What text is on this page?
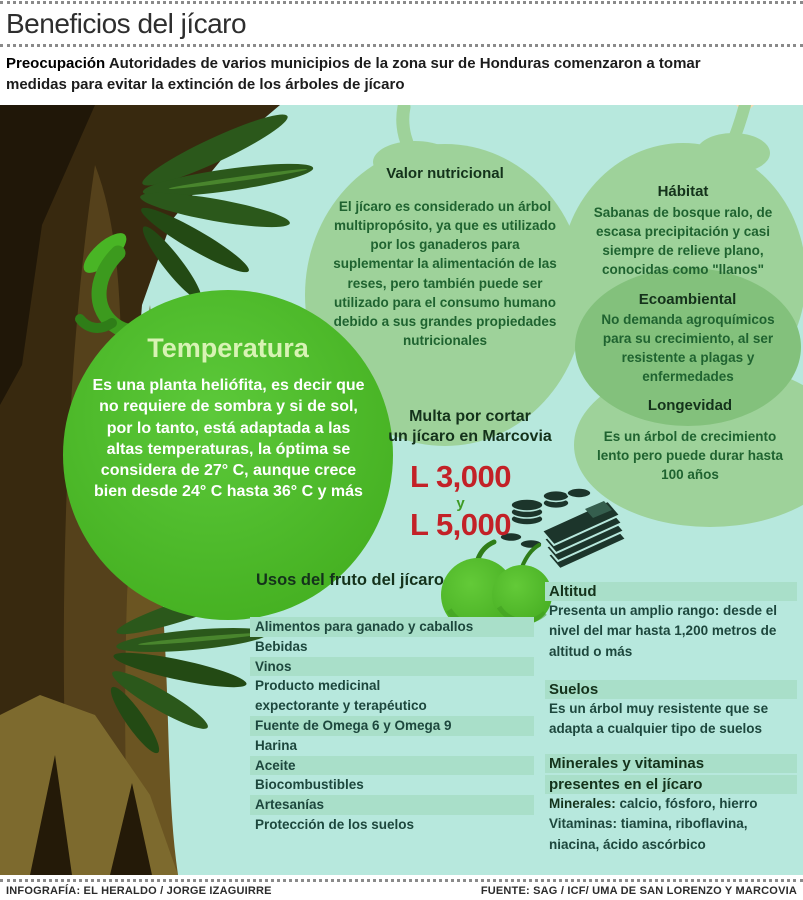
Beneficios del jícaro
Preocupación Autoridades de varios municipios de la zona sur de Honduras comenzaron a tomar medidas para evitar la extinción de los árboles de jícaro
Valor nutricional
El jícaro es considerado un árbol multipropósito, ya que es utilizado por los ganaderos para suplementar la alimentación de las reses, pero también puede ser utilizado para el consumo humano debido a sus grandes propiedades nutricionales
Hábitat
Sabanas de bosque ralo, de escasa precipitación y casi siempre de relieve plano, conocidas como "llanos"
Ecoambiental
No demanda agroquímicos para su crecimiento, al ser resistente a plagas y enfermedades
Longevidad
Es un árbol de crecimiento lento pero puede durar hasta 100 años
Temperatura
Es una planta heliófita, es decir que no requiere de sombra y si de sol, por lo tanto, está adaptada a las altas temperaturas, la óptima se considera de 27° C, aunque crece bien desde 24° C hasta 36° C y más
Multa por cortar
un jícaro en Marcovia
L 3,000
y
L 5,000
Usos del fruto del jícaro
Alimentos para ganado y caballos
Bebidas
Vinos
Producto medicinal
expectorante y terapéutico
Fuente de Omega 6 y Omega 9
Harina
Aceite
Biocombustibles
Artesanías
Protección de los suelos
Altitud
Presenta un amplio rango: desde el nivel del mar hasta 1,200 metros de altitud o más
Suelos
Es un árbol muy resistente que se adapta a cualquier tipo de suelos
Minerales y vitaminas
presentes en el jícaro
Minerales: calcio, fósforo, hierro
Vitaminas: tiamina, riboflavina, niacina, ácido ascórbico
INFOGRAFÍA: EL HERALDO / JORGE IZAGUIRRE	FUENTE: SAG / ICF/ UMA DE SAN LORENZO Y MARCOVIA
